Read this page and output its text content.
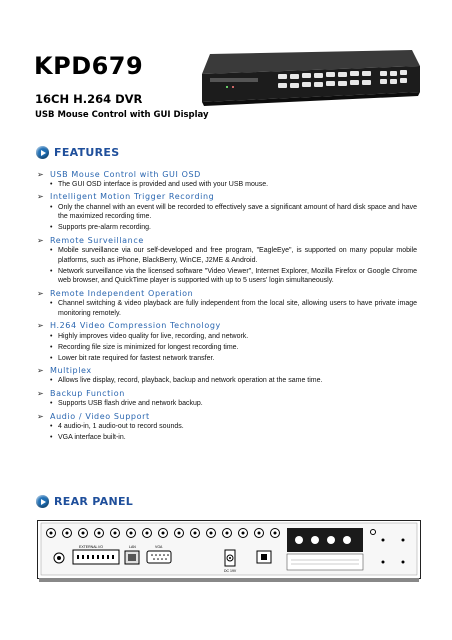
KPD679
16CH H.264 DVR
USB Mouse Control with GUI Display
FEATURES
➢ USB Mouse Control with GUI OSD
• The GUI OSD interface is provided and used with your USB mouse.
➢ Intelligent Motion Trigger Recording
• Only the channel with an event will be recorded to effectively save a significant amount of hard disk space and have the maximized recording time.
• Supports pre-alarm recording.
➢ Remote Surveillance
• Mobile surveillance via our self-developed and free program, "EagleEye", is supported on many popular mobile platforms, such as iPhone, BlackBerry, WinCE, J2ME & Android.
• Network surveillance via the licensed software "Video Viewer", Internet Explorer, Mozilla Firefox or Google Chrome web browser, and QuickTime player is supported with up to 5 users' login simultaneously.
➢ Remote Independent Operation
• Channel switching & video playback are fully independent from the local site, allowing users to have private image monitoring remotely.
➢ H.264 Video Compression Technology
• Highly improves video quality for live, recording, and network.
• Recording file size is minimized for longest recording time.
• Lower bit rate required for fastest network transfer.
➢ Multiplex
• Allows live display, record, playback, backup and network operation at the same time.
➢ Backup Function
• Supports USB flash drive and network backup.
➢ Audio / Video Support
• 4 audio-in, 1 audio-out to record sounds.
• VGA interface built-in.
REAR PANEL
EXTERNAL I/O	LAN	VGA
DC 19V
